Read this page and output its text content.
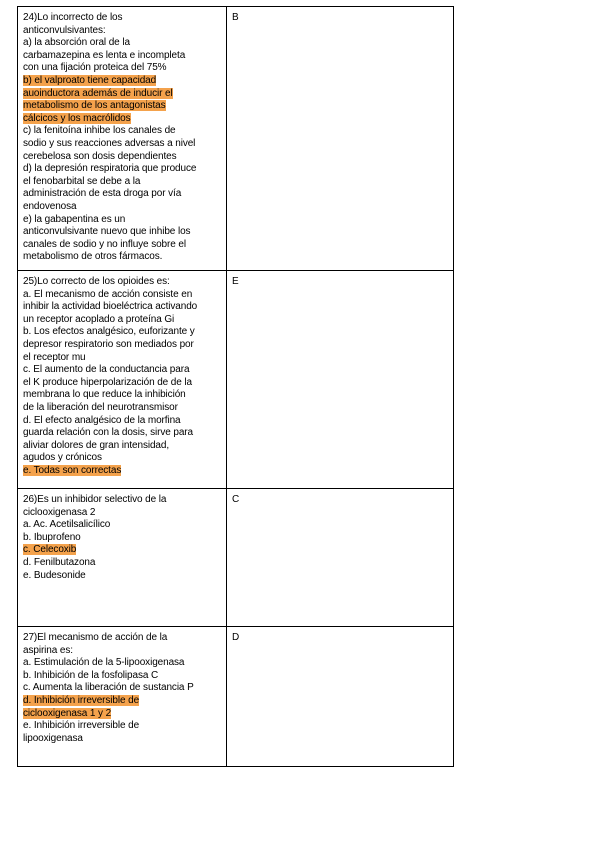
24)Lo incorrecto de los
anticonvulsivantes:
a) la absorción oral de la
carbamazepina es lenta e incompleta
con una fijación proteica del 75%
b) el valproato tiene capacidad
auoinductora además de inducir el
metabolismo de los antagonistas
cálcicos y los macrólidos
c) la fenitoína inhibe los canales de
sodio y sus reacciones adversas a nivel
cerebelosa son dosis dependientes
d) la depresión respiratoria que produce
el fenobarbital se debe a la
administración de esta droga por vía
endovenosa
e) la gabapentina es un
anticonvulsivante nuevo que inhibe los
canales de sodio y no influye sobre el
metabolismo de otros fármacos.
B
25)Lo correcto de los opioides es:
a. El mecanismo de acción consiste en
inhibir la actividad bioeléctrica activando
un receptor acoplado a proteína Gi
b. Los efectos analgésico, euforizante y
depresor respiratorio son mediados por
el receptor mu
c. El aumento de la conductancia para
el K produce hiperpolarización de de la
membrana lo que reduce la inhibición
de la liberación del neurotransmisor
d. El efecto analgésico de la morfina
guarda relación con la dosis, sirve para
aliviar dolores de gran intensidad,
agudos y crónicos
e. Todas son correctas
E
26)Es un inhibidor selectivo de la
ciclooxigenasa 2
a. Ac. Acetilsalicílico
b. Ibuprofeno
c. Celecoxib
d. Fenilbutazona
e. Budesonide
C
27)El mecanismo de acción de la
aspirina es:
a. Estimulación de la 5-lipooxigenasa
b. Inhibición de la fosfolipasa C
c. Aumenta la liberación de sustancia P
d. Inhibición irreversible de
ciclooxigenasa 1 y 2
e. Inhibición irreversible de
lipooxigenasa
D
